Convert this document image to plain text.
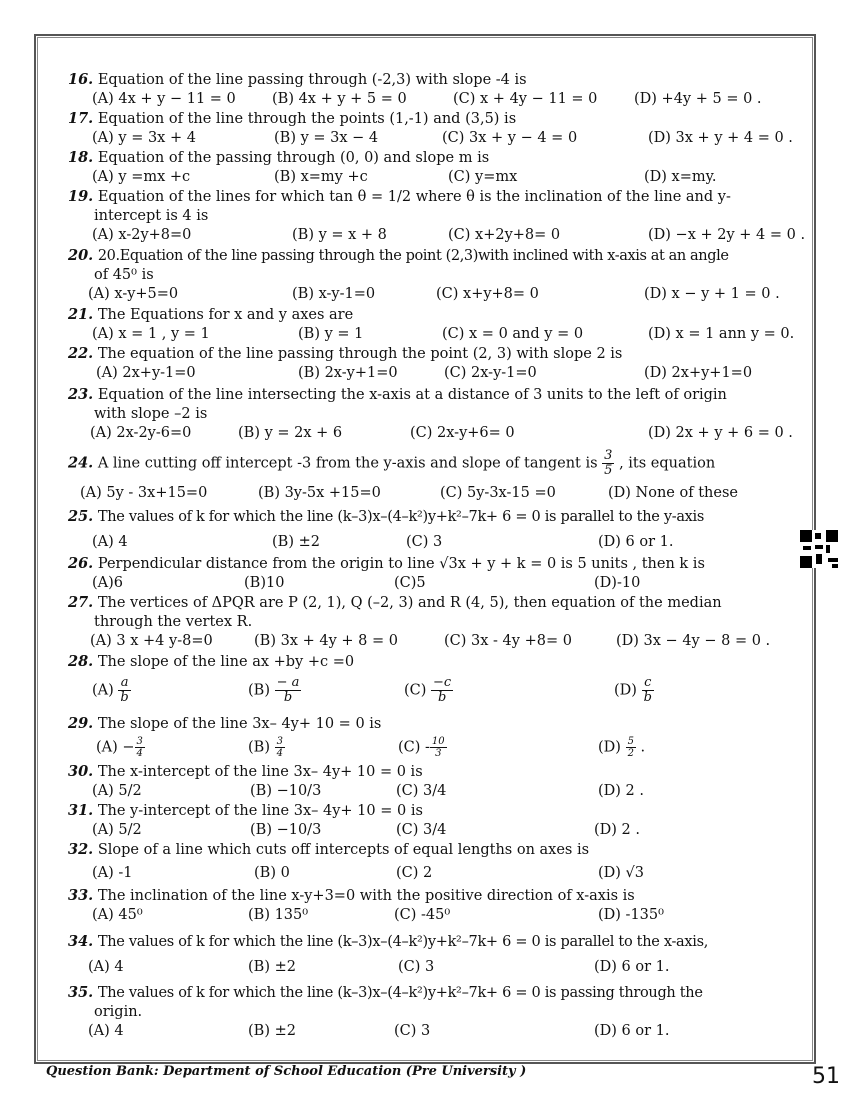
16. Equation of the line passing through (-2,3) with slope -4 is
(A) 4x + y − 11 = 0 (B) 4x + y + 5 = 0	(C) x + 4y − 11 = 0	(D) +4y + 5 = 0 .
17. Equation of the line through the points (1,-1) and (3,5) is
(A) y = 3x + 4	(B) y = 3x − 4	(C) 3x + y − 4 = 0	(D) 3x + y + 4 = 0 .
18. Equation of the passing through (0, 0) and slope m is
(A) y =mx +c	(B) x=my +c	(C) y=mx	(D) x=my.
19. Equation of the lines for which tan θ = 1/2 where θ is the inclination of the line and y-
intercept is 4 is
(A) x-2y+8=0	(B) y = x + 8	(C) x+2y+8= 0	(D) −x + 2y + 4 = 0 .
20. 20.Equation of the line passing through the point (2,3)with inclined with x-axis at an angle
of 45⁰ is
(A) x-y+5=0	(B) x-y-1=0	(C) x+y+8= 0	(D) x − y + 1 = 0 .
21. The Equations for x and y axes are
(A) x = 1 , y = 1	(B) y = 1	(C) x = 0 and y = 0	(D) x = 1 ann y = 0.
22. The equation of the line passing through the point (2, 3) with slope 2 is
(A) 2x+y-1=0	(B) 2x-y+1=0	(C) 2x-y-1=0	(D) 2x+y+1=0
23. Equation of the line intersecting the x-axis at a distance of 3 units to the left of origin
with slope –2 is
(A) 2x-2y-6=0	(B) y = 2x + 6	(C) 2x-y+6= 0	(D) 2x + y + 6 = 0 .
24. A line cutting off intercept -3 from the y-axis and slope of tangent is $\frac{3}{5}$ , its equation
(A) 5y - 3x+15=0	(B) 3y-5x +15=0	(C) 5y-3x-15 =0	(D) None of these
25. The values of k for which the line (k–3)x–(4–k²)y+k²–7k+ 6 = 0 is parallel to the y-axis
(A) 4	(B) ±2	(C) 3	(D) 6 or 1.
26. Perpendicular distance from the origin to line √3x + y + k = 0 is 5 units , then k is
(A)6	(B)10	(C)5	(D)-10
27. The vertices of ΔPQR are P (2, 1), Q (–2, 3) and R (4, 5), then equation of the median
through the vertex R.
(A) 3 x +4 y-8=0	(B) 3x + 4y + 8 = 0	(C) 3x - 4y +8= 0	(D) 3x − 4y − 8 = 0 .
28. The slope of the line ax +by +c =0
$(A) \frac{a}{b}$	$(B) \frac{- a}{b}$	$(C) \frac{-c}{b}$	$(D) \frac{c}{b}$
29. The slope of the line 3x– 4y+ 10 = 0 is
$(A) - \frac{3}{4}$	$(B) \frac{3}{4}$	$(C) - \frac{10}{3}$	$(D) \frac{5}{2}$ .
30. The x-intercept of the line 3x– 4y+ 10 = 0 is
(A) 5/2	(B) −10/3	(C) 3/4	(D) 2 .
31. The y-intercept of the line 3x– 4y+ 10 = 0 is
(A) 5/2	(B) −10/3	(C) 3/4	(D) 2 .
32. Slope of a line which cuts off intercepts of equal lengths on axes is
(A) -1	(B) 0	(C) 2	(D) √3
33. The inclination of the line x-y+3=0 with the positive direction of x-axis is
(A) 45⁰	(B) 135⁰	(C) -45⁰	(D) -135⁰
34. The values of k for which the line (k–3)x–(4–k²)y+k²–7k+ 6 = 0 is parallel to the x-axis,
(A) 4	(B) ±2	(C) 3	(D) 6 or 1.
35. The values of k for which the line (k–3)x–(4–k²)y+k²–7k+ 6 = 0 is passing through the
origin.
(A) 4	(B) ±2	(C) 3	(D) 6 or 1.
Question Bank: Department of School Education (Pre University )	51
